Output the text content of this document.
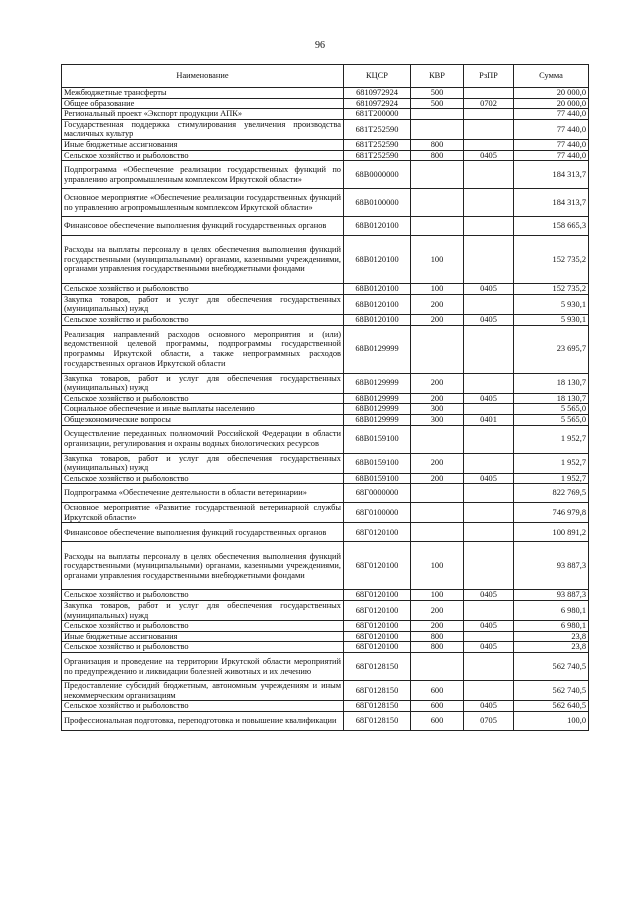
96
Наименование	КЦСР	КВР	РзПР	Сумма
Межбюджетные трансферты	6810972924	500		20 000,0
Общее образование	6810972924	500	0702	20 000,0
Региональный проект «Экспорт продукции АПК»	681T200000			77 440,0
Государственная поддержка стимулирования увеличения производства масличных культур	681T252590			77 440,0
Иные бюджетные ассигнования	681T252590	800		77 440,0
Сельское хозяйство и рыболовство	681T252590	800	0405	77 440,0
Подпрограмма «Обеспечение реализации государственных функций по управлению агропромышленным комплексом Иркутской области»	68В0000000			184 313,7
Основное мероприятие «Обеспечение реализации государственных функций по управлению агропромышленным комплексом Иркутской области»	68В0100000			184 313,7
Финансовое обеспечение выполнения функций государственных органов	68В0120100			158 665,3
Расходы на выплаты персоналу в целях обеспечения выполнения функций государственными (муниципальными) органами, казенными учреждениями, органами управления государственными внебюджетными фондами	68В0120100	100		152 735,2
Сельское хозяйство и рыболовство	68В0120100	100	0405	152 735,2
Закупка товаров, работ и услуг для обеспечения государственных (муниципальных) нужд	68В0120100	200		5 930,1
Сельское хозяйство и рыболовство	68В0120100	200	0405	5 930,1
Реализация направлений расходов основного мероприятия и (или) ведомственной целевой программы, подпрограммы государственной программы Иркутской области, а также непрограммных расходов государственных органов Иркутской области	68В0129999			23 695,7
Закупка товаров, работ и услуг для обеспечения государственных (муниципальных) нужд	68В0129999	200		18 130,7
Сельское хозяйство и рыболовство	68В0129999	200	0405	18 130,7
Социальное обеспечение и иные выплаты населению	68В0129999	300		5 565,0
Общеэкономические вопросы	68В0129999	300	0401	5 565,0
Осуществление переданных полномочий Российской Федерации в области организации, регулирования и охраны водных биологических ресурсов	68В0159100			1 952,7
Закупка товаров, работ и услуг для обеспечения государственных (муниципальных) нужд	68В0159100	200		1 952,7
Сельское хозяйство и рыболовство	68В0159100	200	0405	1 952,7
Подпрограмма «Обеспечение деятельности в области ветеринарии»	68Г0000000			822 769,5
Основное мероприятие «Развитие государственной ветеринарной службы Иркутской области»	68Г0100000			746 979,8
Финансовое обеспечение выполнения функций государственных органов	68Г0120100			100 891,2
Расходы на выплаты персоналу в целях обеспечения выполнения функций государственными (муниципальными) органами, казенными учреждениями, органами управления государственными внебюджетными фондами	68Г0120100	100		93 887,3
Сельское хозяйство и рыболовство	68Г0120100	100	0405	93 887,3
Закупка товаров, работ и услуг для обеспечения государственных (муниципальных) нужд	68Г0120100	200		6 980,1
Сельское хозяйство и рыболовство	68Г0120100	200	0405	6 980,1
Иные бюджетные ассигнования	68Г0120100	800		23,8
Сельское хозяйство и рыболовство	68Г0120100	800	0405	23,8
Организация и проведение на территории Иркутской области мероприятий по предупреждению и ликвидации болезней животных и их лечению	68Г0128150			562 740,5
Предоставление субсидий бюджетным, автономным учреждениям и иным некоммерческим организациям	68Г0128150	600		562 740,5
Сельское хозяйство и рыболовство	68Г0128150	600	0405	562 640,5
Профессиональная подготовка, переподготовка и повышение квалификации	68Г0128150	600	0705	100,0
